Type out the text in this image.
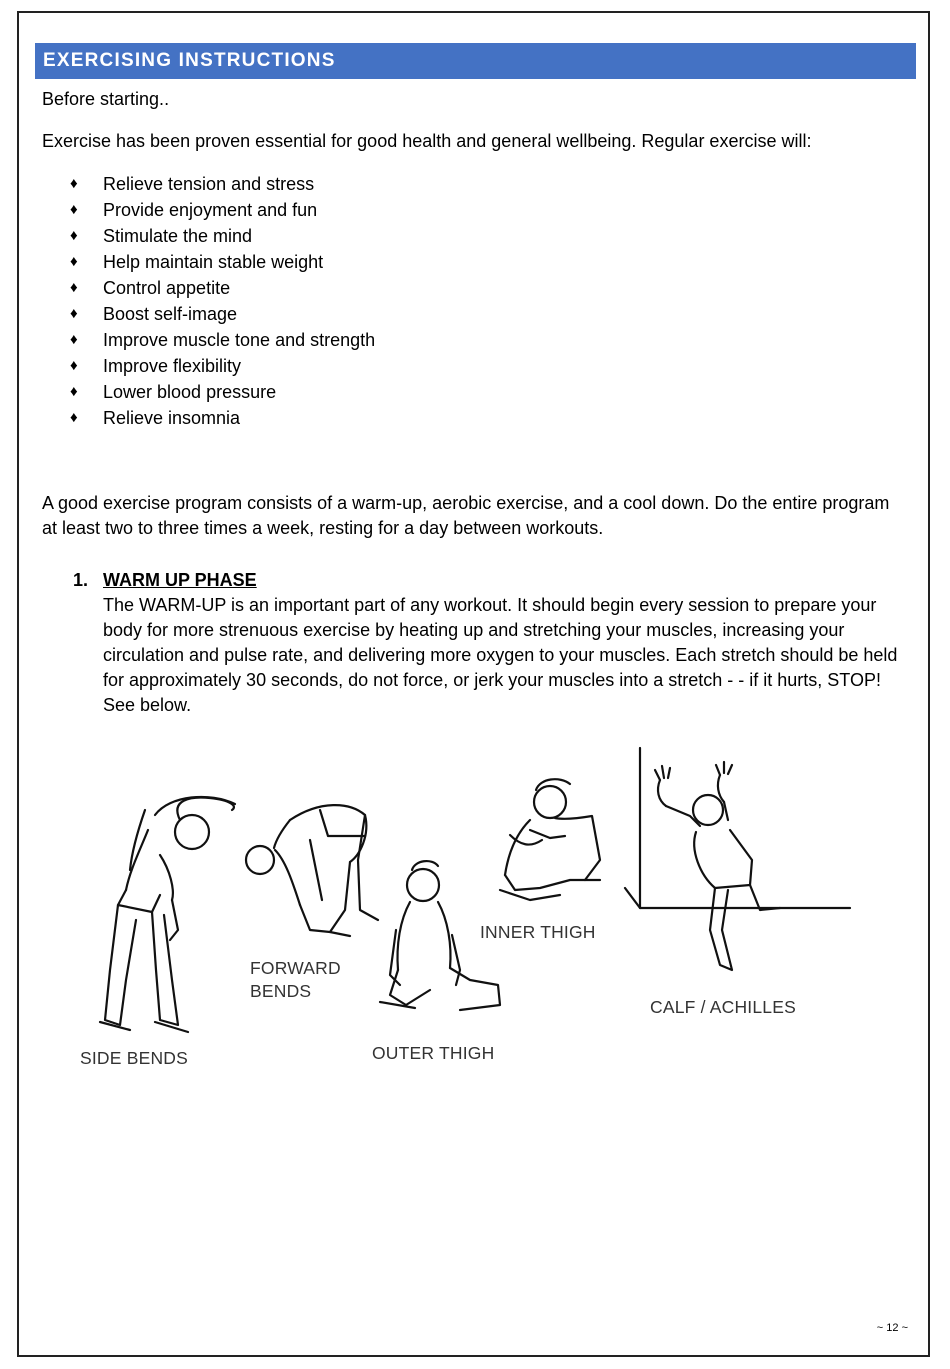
EXERCISING INSTRUCTIONS
Before starting..
Exercise has been proven essential for good health and general wellbeing. Regular exercise will:
♦ Relieve tension and stress
♦ Provide enjoyment and fun
♦ Stimulate the mind
♦ Help maintain stable weight
♦ Control appetite
♦ Boost self-image
♦ Improve muscle tone and strength
♦ Improve flexibility
♦ Lower blood pressure
♦ Relieve insomnia
A good exercise program consists of a warm-up, aerobic exercise, and a cool down. Do the entire program at least two to three times a week, resting for a day between workouts.
1. WARM UP PHASE
The WARM-UP is an important part of any workout. It should begin every session to prepare your body for more strenuous exercise by heating up and stretching your muscles, increasing your circulation and pulse rate, and delivering more oxygen to your muscles. Each stretch should be held for approximately 30 seconds, do not force, or jerk your muscles into a stretch - - if it hurts, STOP! See below.
SIDE BENDS
FORWARD
BENDS
OUTER THIGH
INNER THIGH
CALF / ACHILLES
~ 12 ~
